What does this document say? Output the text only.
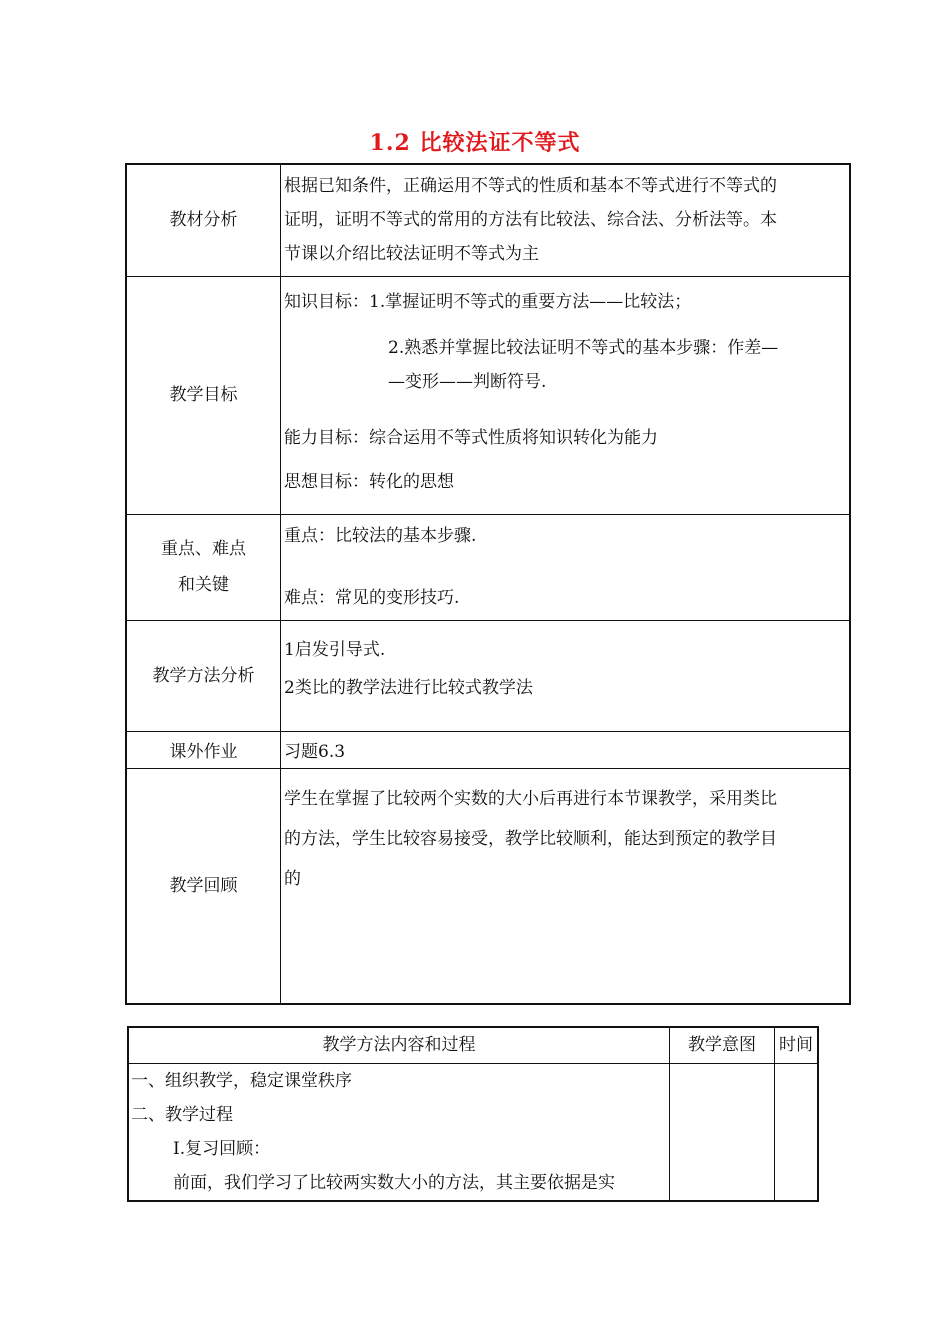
1.2 比较法证不等式
教材分析	根据已知条件，正确运用不等式的性质和基本不等式进行不等式的
证明，证明不等式的常用的方法有比较法、综合法、分析法等。本
节课以介绍比较法证明不等式为主

教学目标	知识目标：1.掌握证明不等式的重要方法——比较法；
2.熟悉并掌握比较法证明不等式的基本步骤：作差—
—变形——判断符号.
能力目标：综合运用不等式性质将知识转化为能力
思想目标：转化的思想

重点、难点
和关键	重点：比较法的基本步骤.
难点：常见的变形技巧.

教学方法分析	1启发引导式.
2类比的教学法进行比较式教学法

课外作业	习题6.3
教学回顾	学生在掌握了比较两个实数的大小后再进行本节课教学，采用类比
的方法，学生比较容易接受，教学比较顺利，能达到预定的教学目
的
教学方法内容和过程	教学意图	时间

一、组织教学，稳定课堂秩序
二、教学过程
Ⅰ.复习回顾：
前面，我们学习了比较两实数大小的方法，其主要依据是实		
